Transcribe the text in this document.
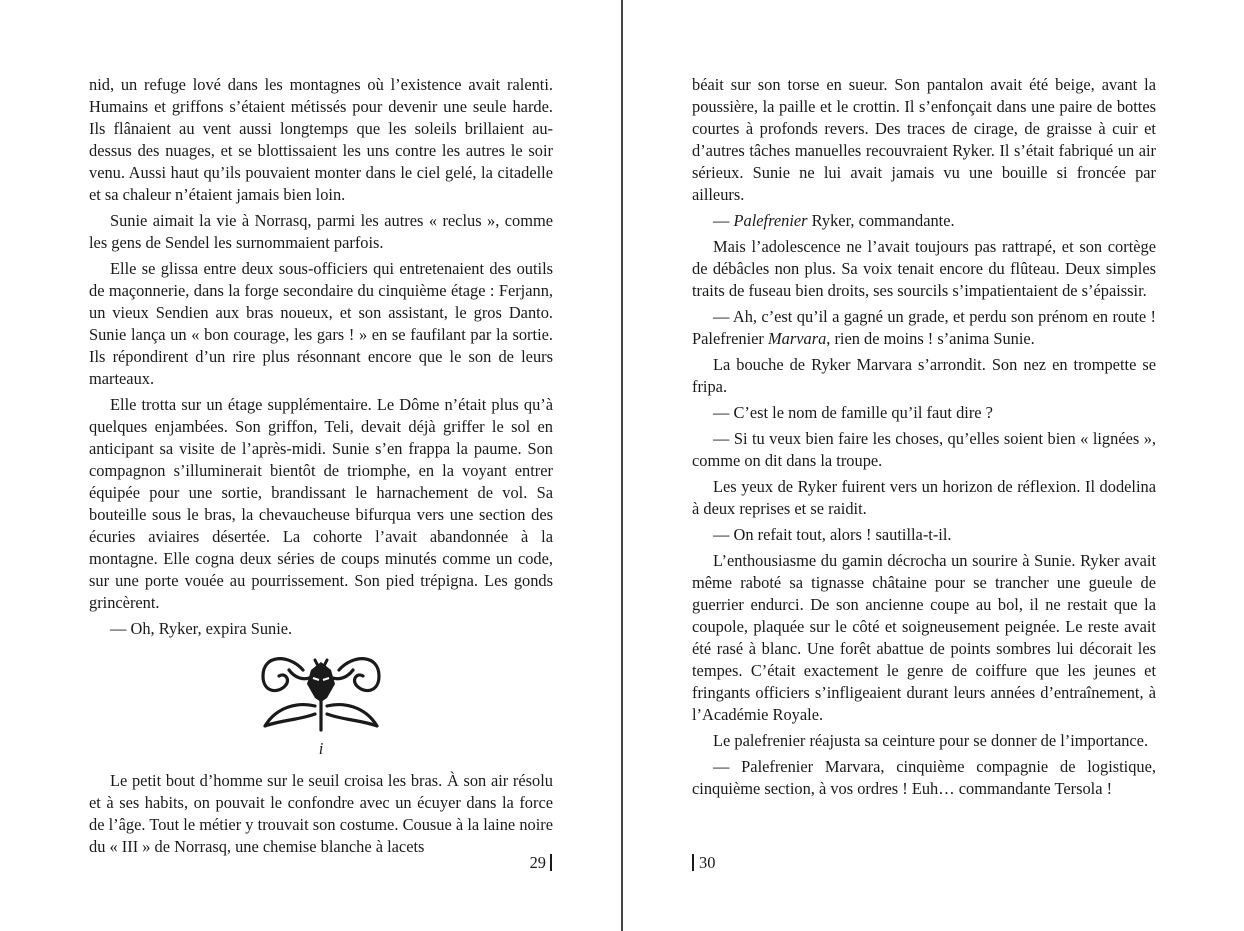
nid, un refuge lové dans les montagnes où l’existence avait ralenti. Humains et griffons s’étaient métissés pour devenir une seule harde. Ils flânaient au vent aussi longtemps que les soleils brillaient au-dessus des nuages, et se blottissaient les uns contre les autres le soir venu. Aussi haut qu’ils pouvaient monter dans le ciel gelé, la citadelle et sa chaleur n’étaient jamais bien loin.

Sunie aimait la vie à Norrasq, parmi les autres « reclus », comme les gens de Sendel les surnommaient parfois.

Elle se glissa entre deux sous-officiers qui entretenaient des outils de maçonnerie, dans la forge secondaire du cinquième étage : Ferjann, un vieux Sendien aux bras noueux, et son assistant, le gros Danto. Sunie lança un « bon courage, les gars ! » en se faufilant par la sortie. Ils répondirent d’un rire plus résonnant encore que le son de leurs marteaux.

Elle trotta sur un étage supplémentaire. Le Dôme n’était plus qu’à quelques enjambées. Son griffon, Teli, devait déjà griffer le sol en anticipant sa visite de l’après-midi. Sunie s’en frappa la paume. Son compagnon s’illuminerait bientôt de triomphe, en la voyant entrer équipée pour une sortie, brandissant le harnachement de vol. Sa bouteille sous le bras, la chevaucheuse bifurqua vers une section des écuries aviaires désertée. La cohorte l’avait abandonnée à la montagne. Elle cogna deux séries de coups minutés comme un code, sur une porte vouée au pourrissement. Son pied trépigna. Les gonds grincèrent.

— Oh, Ryker, expira Sunie.

i

Le petit bout d’homme sur le seuil croisa les bras. À son air résolu et à ses habits, on pouvait le confondre avec un écuyer dans la force de l’âge. Tout le métier y trouvait son costume. Cousue à la laine noire du « III » de Norrasq, une chemise blanche à lacets

29

béait sur son torse en sueur. Son pantalon avait été beige, avant la poussière, la paille et le crottin. Il s’enfonçait dans une paire de bottes courtes à profonds revers. Des traces de cirage, de graisse à cuir et d’autres tâches manuelles recouvraient Ryker. Il s’était fabriqué un air sérieux. Sunie ne lui avait jamais vu une bouille si froncée par ailleurs.

— Palefrenier Ryker, commandante.

Mais l’adolescence ne l’avait toujours pas rattrapé, et son cortège de débâcles non plus. Sa voix tenait encore du flûteau. Deux simples traits de fuseau bien droits, ses sourcils s’impatientaient de s’épaissir.

— Ah, c’est qu’il a gagné un grade, et perdu son prénom en route ! Palefrenier Marvara, rien de moins ! s’anima Sunie.

La bouche de Ryker Marvara s’arrondit. Son nez en trompette se fripa.

— C’est le nom de famille qu’il faut dire ?

— Si tu veux bien faire les choses, qu’elles soient bien « lignées », comme on dit dans la troupe.

Les yeux de Ryker fuirent vers un horizon de réflexion. Il dodelina à deux reprises et se raidit.

— On refait tout, alors ! sautilla-t-il.

L’enthousiasme du gamin décrocha un sourire à Sunie. Ryker avait même raboté sa tignasse châtaine pour se trancher une gueule de guerrier endurci. De son ancienne coupe au bol, il ne restait que la coupole, plaquée sur le côté et soigneusement peignée. Le reste avait été rasé à blanc. Une forêt abattue de points sombres lui décorait les tempes. C’était exactement le genre de coiffure que les jeunes et fringants officiers s’infligeaient durant leurs années d’entraînement, à l’Académie Royale.

Le palefrenier réajusta sa ceinture pour se donner de l’importance.

— Palefrenier Marvara, cinquième compagnie de logistique, cinquième section, à vos ordres ! Euh… commandante Tersola !

30
